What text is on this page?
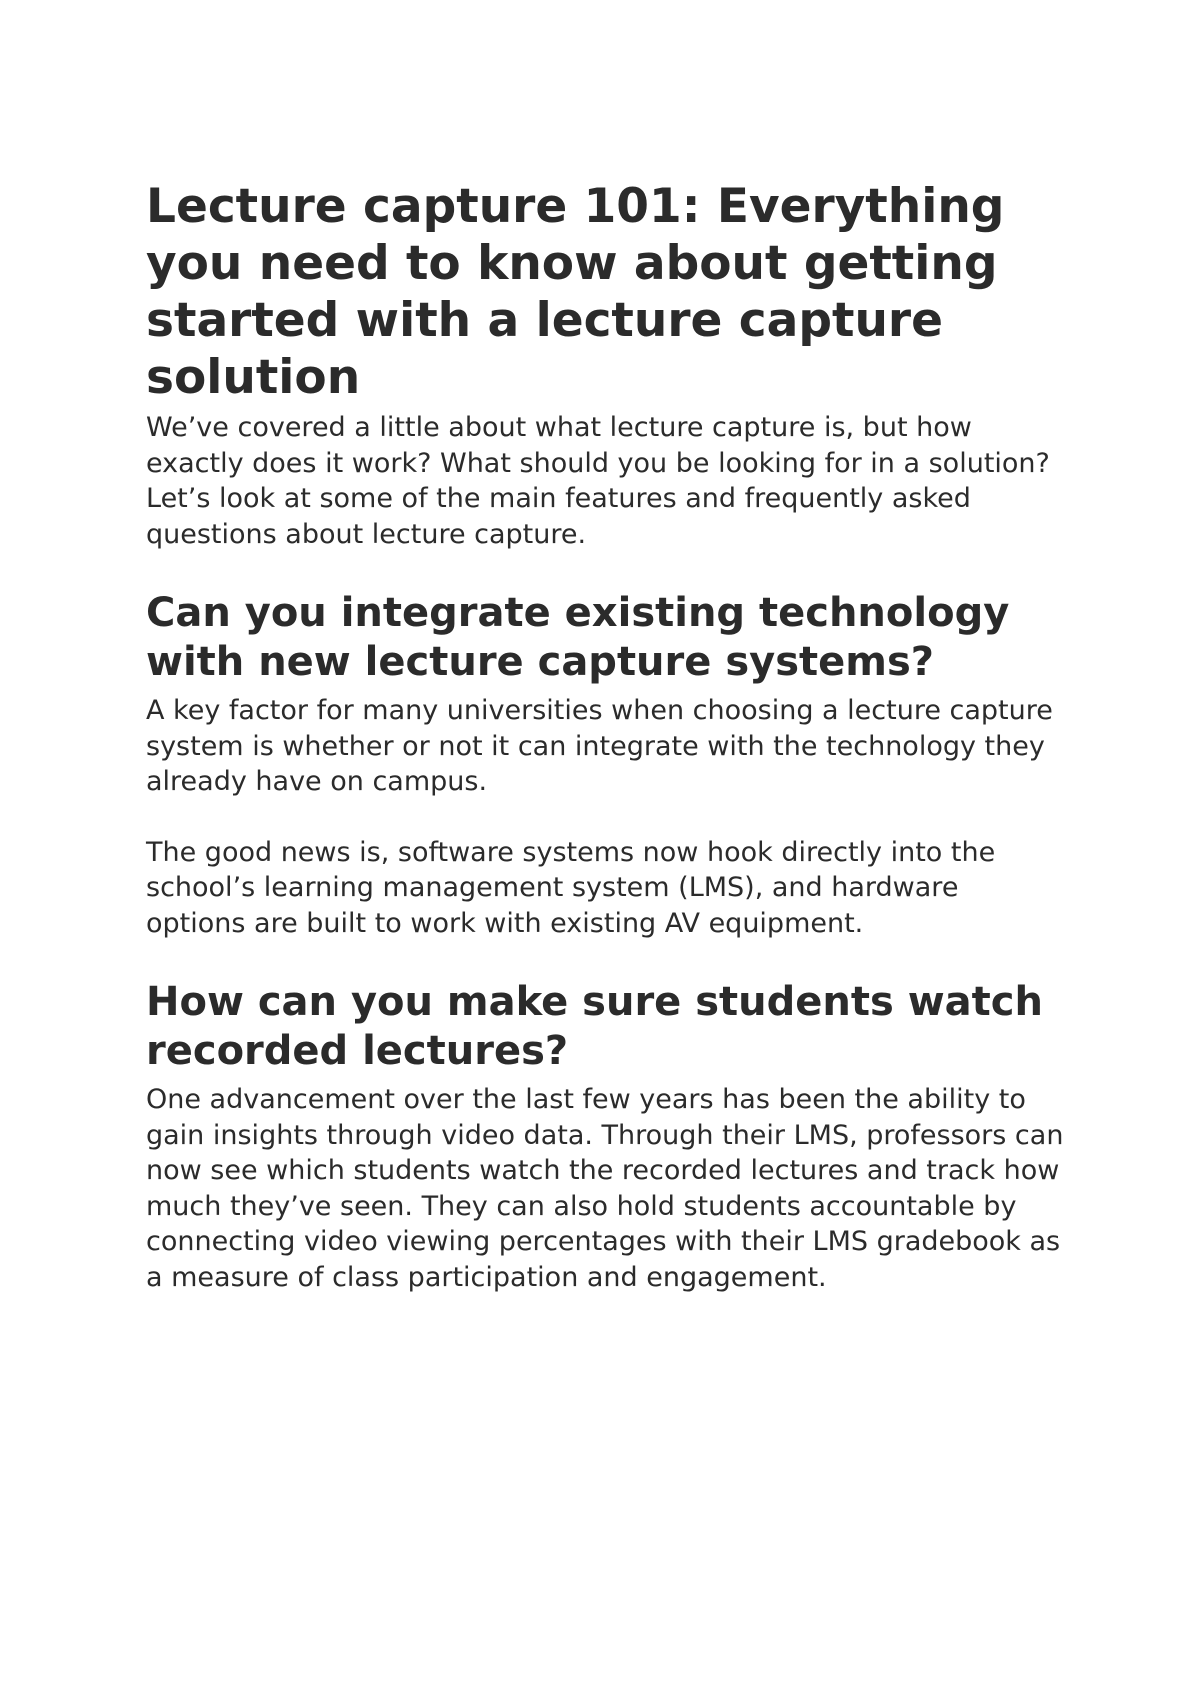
Lecture capture 101: Everything you need to know about getting started with a lecture capture solution

We’ve covered a little about what lecture capture is, but how exactly does it work? What should you be looking for in a solution? Let’s look at some of the main features and frequently asked questions about lecture capture.

Can you integrate existing technology with new lecture capture systems?

A key factor for many universities when choosing a lecture capture system is whether or not it can integrate with the technology they already have on campus.

The good news is, software systems now hook directly into the school’s learning management system (LMS), and hardware options are built to work with existing AV equipment.

How can you make sure students watch recorded lectures?

One advancement over the last few years has been the ability to gain insights through video data. Through their LMS, professors can now see which students watch the recorded lectures and track how much they’ve seen. They can also hold students accountable by connecting video viewing percentages with their LMS gradebook as a measure of class participation and engagement.
